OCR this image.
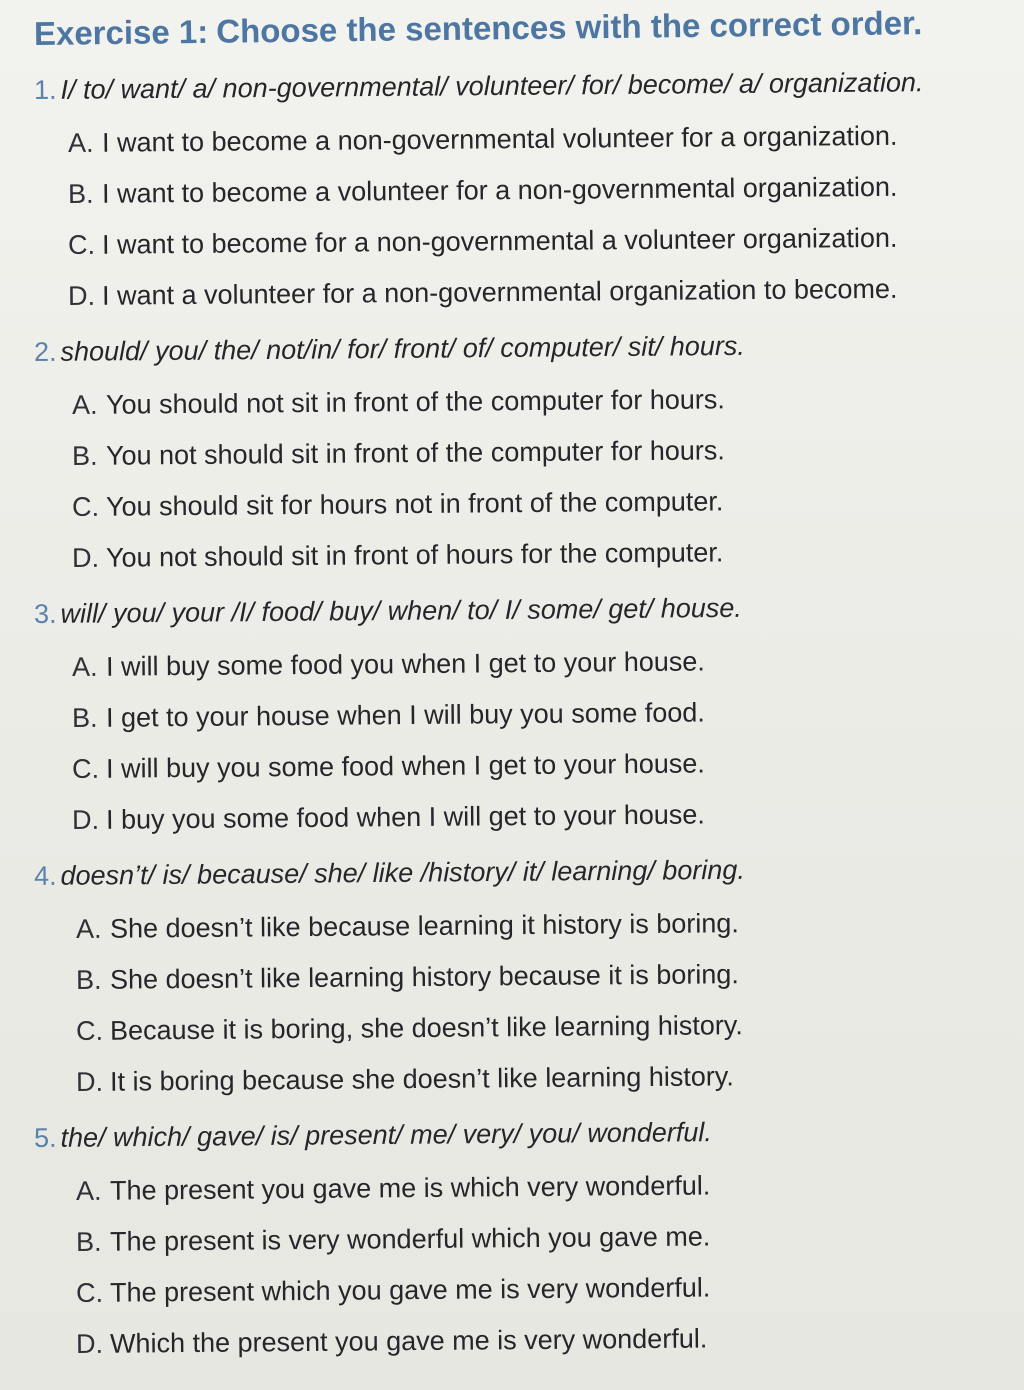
Exercise 1: Choose the sentences with the correct order.
1. I/ to/ want/ a/ non-governmental/ volunteer/ for/ become/ a/ organization.
A. I want to become a non-governmental volunteer for a organization.
B. I want to become a volunteer for a non-governmental organization.
C. I want to become for a non-governmental a volunteer organization.
D. I want a volunteer for a non-governmental organization to become.
2. should/ you/ the/ not/in/ for/ front/ of/ computer/ sit/ hours.
A. You should not sit in front of the computer for hours.
B. You not should sit in front of the computer for hours.
C. You should sit for hours not in front of the computer.
D. You not should sit in front of hours for the computer.
3. will/ you/ your /I/ food/ buy/ when/ to/ I/ some/ get/ house.
A. I will buy some food you when I get to your house.
B. I get to your house when I will buy you some food.
C. I will buy you some food when I get to your house.
D. I buy you some food when I will get to your house.
4. doesn’t/ is/ because/ she/ like /history/ it/ learning/ boring.
A. She doesn’t like because learning it history is boring.
B. She doesn’t like learning history because it is boring.
C. Because it is boring, she doesn’t like learning history.
D. It is boring because she doesn’t like learning history.
5. the/ which/ gave/ is/ present/ me/ very/ you/ wonderful.
A. The present you gave me is which very wonderful.
B. The present is very wonderful which you gave me.
C. The present which you gave me is very wonderful.
D. Which the present you gave me is very wonderful.
